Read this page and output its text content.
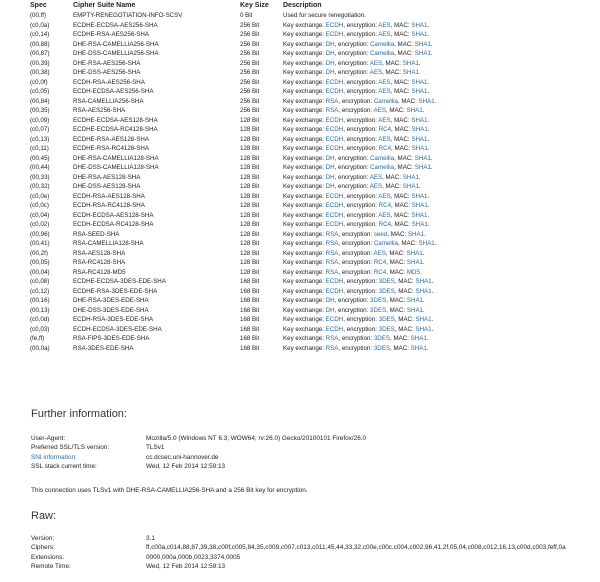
Spec	Cipher Suite Name	Key Size	Description
(00,ff)	EMPTY-RENEGOTIATION-INFO-SCSV	0 Bit	Used for secure renegotiation.
(c0,0a)	ECDHE-ECDSA-AES256-SHA	256 Bit	Key exchange: ECDH, encryption: AES, MAC: SHA1.
(c0,14)	ECDHE-RSA-AES256-SHA	256 Bit	Key exchange: ECDH, encryption: AES, MAC: SHA1.
(00,88)	DHE-RSA-CAMELLIA256-SHA	256 Bit	Key exchange: DH, encryption: Camellia, MAC: SHA1.
(00,87)	DHE-DSS-CAMELLIA256-SHA	256 Bit	Key exchange: DH, encryption: Camellia, MAC: SHA1.
(00,39)	DHE-RSA-AES256-SHA	256 Bit	Key exchange: DH, encryption: AES, MAC: SHA1.
(00,38)	DHE-DSS-AES256-SHA	256 Bit	Key exchange: DH, encryption: AES, MAC: SHA1.
(c0,0f)	ECDH-RSA-AES256-SHA	256 Bit	Key exchange: ECDH, encryption: AES, MAC: SHA1.
(c0,05)	ECDH-ECDSA-AES256-SHA	256 Bit	Key exchange: ECDH, encryption: AES, MAC: SHA1.
(00,84)	RSA-CAMELLIA256-SHA	256 Bit	Key exchange: RSA, encryption: Camellia, MAC: SHA1.
(00,35)	RSA-AES256-SHA	256 Bit	Key exchange: RSA, encryption: AES, MAC: SHA1.
(c0,09)	ECDHE-ECDSA-AES128-SHA	128 Bit	Key exchange: ECDH, encryption: AES, MAC: SHA1.
(c0,07)	ECDHE-ECDSA-RC4128-SHA	128 Bit	Key exchange: ECDH, encryption: RC4, MAC: SHA1.
(c0,13)	ECDHE-RSA-AES128-SHA	128 Bit	Key exchange: ECDH, encryption: AES, MAC: SHA1.
(c0,11)	ECDHE-RSA-RC4128-SHA	128 Bit	Key exchange: ECDH, encryption: RC4, MAC: SHA1.
(00,45)	DHE-RSA-CAMELLIA128-SHA	128 Bit	Key exchange: DH, encryption: Camellia, MAC: SHA1.
(00,44)	DHE-DSS-CAMELLIA128-SHA	128 Bit	Key exchange: DH, encryption: Camellia, MAC: SHA1.
(00,33)	DHE-RSA-AES128-SHA	128 Bit	Key exchange: DH, encryption: AES, MAC: SHA1.
(00,32)	DHE-DSS-AES128-SHA	128 Bit	Key exchange: DH, encryption: AES, MAC: SHA1.
(c0,0e)	ECDH-RSA-AES128-SHA	128 Bit	Key exchange: ECDH, encryption: AES, MAC: SHA1.
(c0,0c)	ECDH-RSA-RC4128-SHA	128 Bit	Key exchange: ECDH, encryption: RC4, MAC: SHA1.
(c0,04)	ECDH-ECDSA-AES128-SHA	128 Bit	Key exchange: ECDH, encryption: AES, MAC: SHA1.
(c0,02)	ECDH-ECDSA-RC4128-SHA	128 Bit	Key exchange: ECDH, encryption: RC4, MAC: SHA1.
(00,96)	RSA-SEED-SHA	128 Bit	Key exchange: RSA, encryption: seed, MAC: SHA1.
(00,41)	RSA-CAMELLIA128-SHA	128 Bit	Key exchange: RSA, encryption: Camellia, MAC: SHA1.
(00,2f)	RSA-AES128-SHA	128 Bit	Key exchange: RSA, encryption: AES, MAC: SHA1.
(00,05)	RSA-RC4128-SHA	128 Bit	Key exchange: RSA, encryption: RC4, MAC: SHA1.
(00,04)	RSA-RC4128-MD5	128 Bit	Key exchange: RSA, encryption: RC4, MAC: MD5.
(c0,08)	ECDHE-ECDSA-3DES-EDE-SHA	168 Bit	Key exchange: ECDH, encryption: 3DES, MAC: SHA1.
(c0,12)	ECDHE-RSA-3DES-EDE-SHA	168 Bit	Key exchange: ECDH, encryption: 3DES, MAC: SHA1.
(00,16)	DHE-RSA-3DES-EDE-SHA	168 Bit	Key exchange: DH, encryption: 3DES, MAC: SHA1.
(00,13)	DHE-DSS-3DES-EDE-SHA	168 Bit	Key exchange: DH, encryption: 3DES, MAC: SHA1.
(c0,0d)	ECDH-RSA-3DES-EDE-SHA	168 Bit	Key exchange: ECDH, encryption: 3DES, MAC: SHA1.
(c0,03)	ECDH-ECDSA-3DES-EDE-SHA	168 Bit	Key exchange: ECDH, encryption: 3DES, MAC: SHA1.
(fe,ff)	RSA-FIPS-3DES-EDE-SHA	168 Bit	Key exchange: RSA, encryption: 3DES, MAC: SHA1.
(00,0a)	RSA-3DES-EDE-SHA	168 Bit	Key exchange: RSA, encryption: 3DES, MAC: SHA1.
Further information:
User-Agent:	Mozilla/5.0 (Windows NT 6.3; WOW64; rv:26.0) Gecko/20100101 Firefox/26.0
Preferred SSL/TLS version:	TLSv1
SNI information:	cc.dcsec.uni-hannover.de
SSL stack current time:	Wed, 12 Feb 2014 12:59:13
This connection uses TLSv1 with DHE-RSA-CAMELLIA256-SHA and a 256 Bit key for encryption.
Raw:
Version:	3.1
Ciphers:	ff,c00a,c014,88,87,39,38,c00f,c005,84,35,c009,c007,c013,c011,45,44,33,32,c00e,c00c,c004,c002,96,41,2f,05,04,c008,c012,16,13,c00d,c003,feff,0a
Extensions:	0000,000a,000b,0023,3374,0005
Remote Time:	Wed, 12 Feb 2014 12:59:13
